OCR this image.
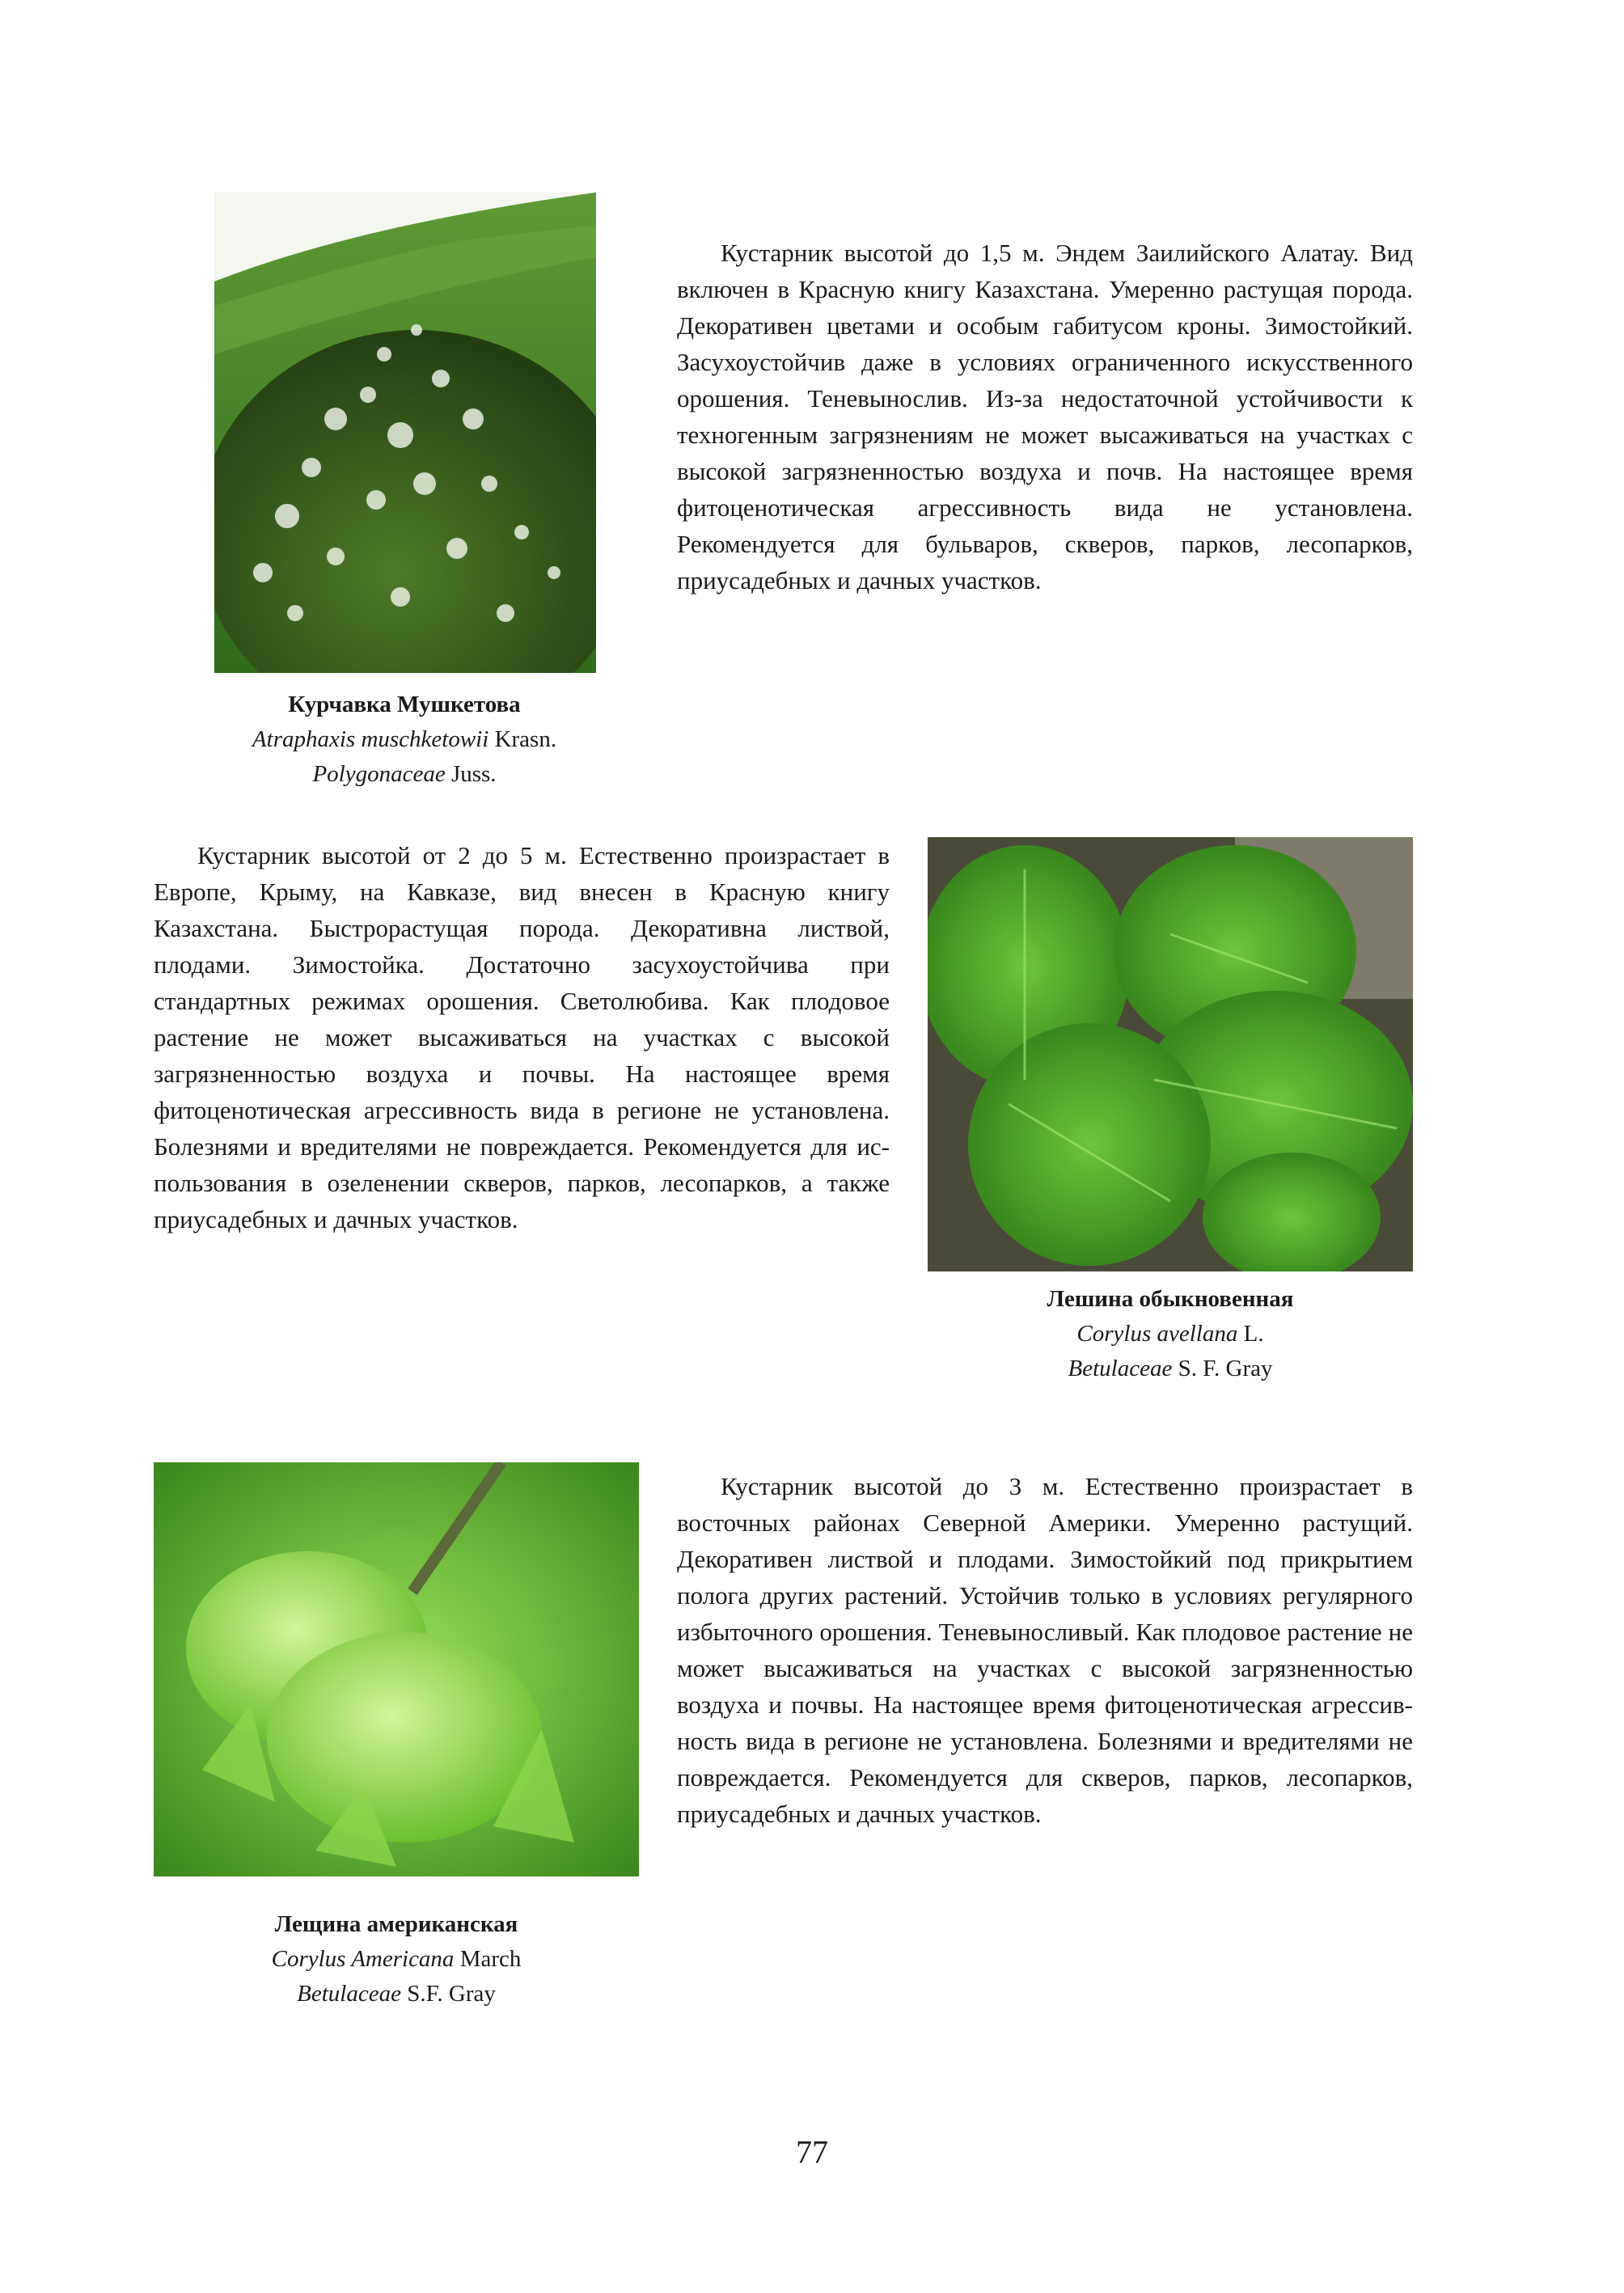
Кустарник высотой до 1,5 м. Эндем Заилийского Алатау. Вид включен в Красную книгу Казахстана. Умеренно растущая порода. Декоративен цветами и особым габитусом кроны. Зимостойкий. Засухоустойчив даже в условиях ограниченного искусственного орошения. Теневынослив. Из-за недостаточной устойчивости к техногенным загрязнениям не может высаживаться на участках с высокой загрязненностью воздуха и почв. На настоящее время фитоценотическая агрессивность вида не установлена. Рекомендуется для бульваров, скверов, парков, лесопарков, приусадебных и дачных участков.

Курчавка Мушкетова
Atraphaxis muschketowii Krasn.
Polygonaceae Juss.

Кустарник высотой от 2 до 5 м. Естественно произрастает в Европе, Крыму, на Кавказе, вид внесен в Красную книгу Казахстана. Быстрорастущая порода. Декоративна листвой, плодами. Зимостойка. Достаточно засухоустойчива при стандартных режимах орошения. Светолюбива. Как плодовое растение не может высаживаться на участках с высокой загрязненностью воздуха и почвы. На настоящее время фитоценотическая агрессивность вида в регионе не установлена. Болезнями и вредителями не повреждается. Рекомендуется для использования в озеленении скверов, парков, лесопарков, а также приусадебных и дачных участков.

Лешина обыкновенная
Corylus avellana L.
Betulaceae S. F. Gray

Кустарник высотой до 3 м. Естественно произрастает в восточных районах Северной Америки. Умеренно растущий. Декоративен листвой и плодами. Зимостойкий под прикрытием полога других растений. Устойчив только в условиях регулярного избыточного орошения. Теневыносливый. Как плодовое растение не может высаживаться на участках с высокой загрязненностью воздуха и почвы. На настоящее время фитоценотическая агрессивность вида в регионе не установлена. Болезнями и вредителями не повреждается. Рекомендуется для скверов, парков, лесопарков, приусадебных и дачных участков.

Лещина американская
Corylus Americana March
Betulaceae S.F. Gray
77
